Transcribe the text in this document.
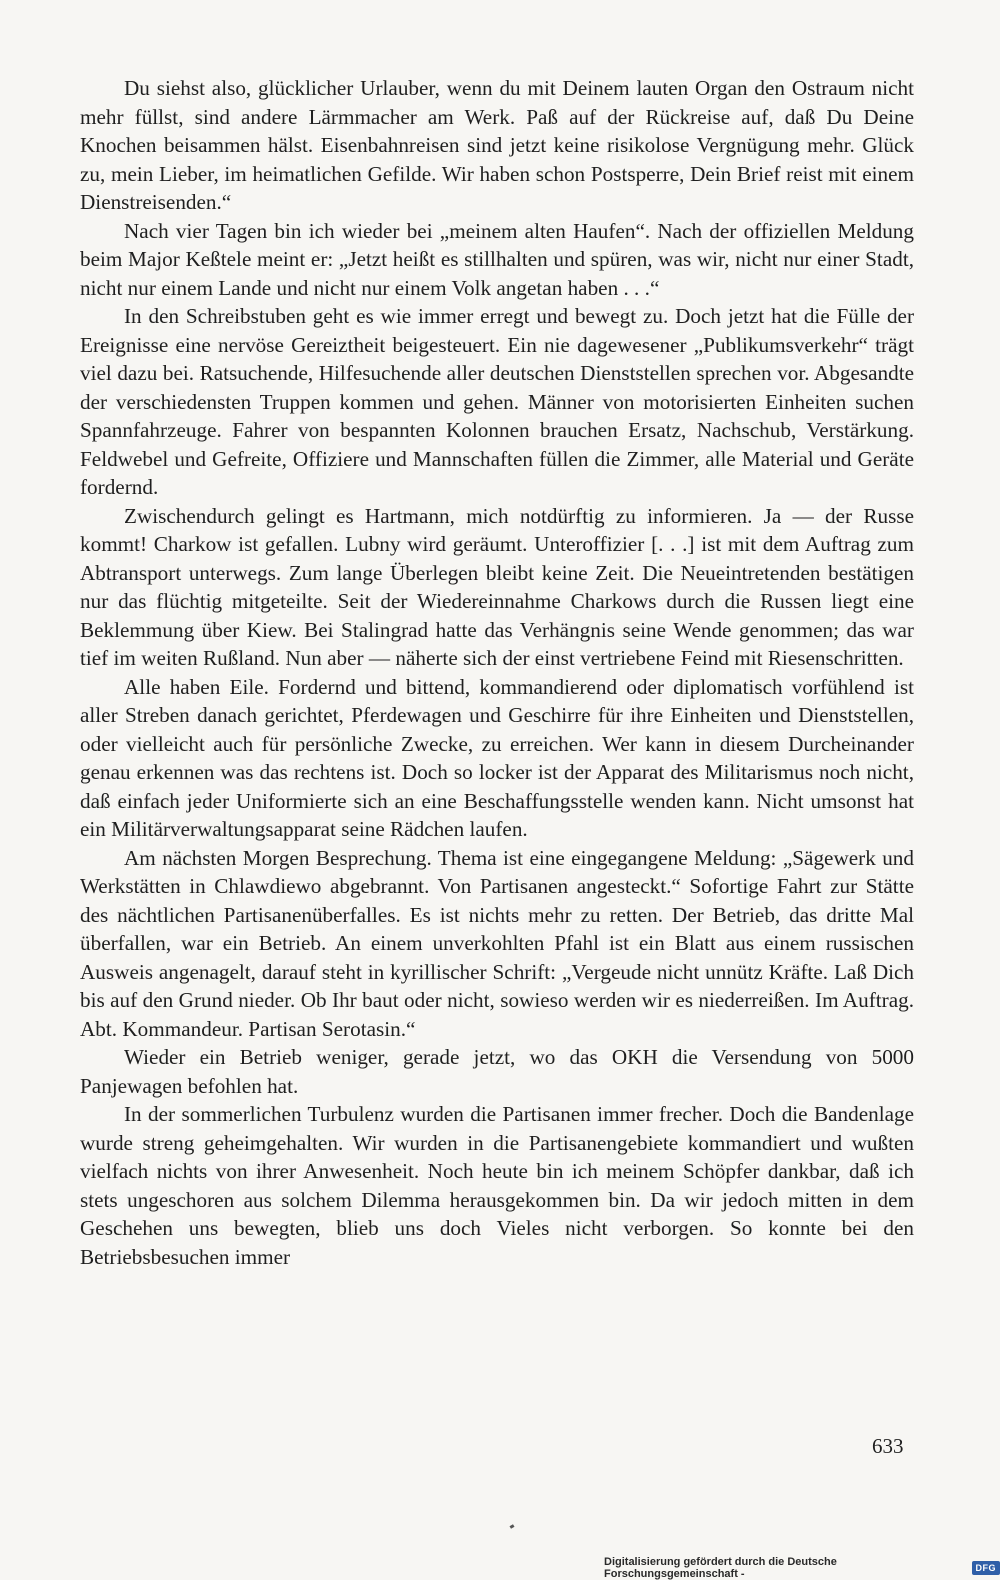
Du siehst also, glücklicher Urlauber, wenn du mit Deinem lauten Organ den Ostraum nicht mehr füllst, sind andere Lärmmacher am Werk. Paß auf der Rückreise auf, daß Du Deine Knochen beisammen hälst. Eisenbahnreisen sind jetzt keine risikolose Vergnügung mehr. Glück zu, mein Lieber, im heimatlichen Gefilde. Wir haben schon Postsperre, Dein Brief reist mit einem Dienstreisenden.“

Nach vier Tagen bin ich wieder bei „meinem alten Haufen“. Nach der offiziellen Meldung beim Major Keßtele meint er: „Jetzt heißt es stillhalten und spüren, was wir, nicht nur einer Stadt, nicht nur einem Lande und nicht nur einem Volk angetan haben . . .“

In den Schreibstuben geht es wie immer erregt und bewegt zu. Doch jetzt hat die Fülle der Ereignisse eine nervöse Gereiztheit beigesteuert. Ein nie dagewesener „Publikumsverkehr“ trägt viel dazu bei. Ratsuchende, Hilfesuchende aller deutschen Dienststellen sprechen vor. Abgesandte der verschiedensten Truppen kommen und gehen. Männer von motorisierten Einheiten suchen Spannfahrzeuge. Fahrer von bespannten Kolonnen brauchen Ersatz, Nachschub, Verstärkung. Feldwebel und Gefreite, Offiziere und Mannschaften füllen die Zimmer, alle Material und Geräte fordernd.

Zwischendurch gelingt es Hartmann, mich notdürftig zu informieren. Ja — der Russe kommt! Charkow ist gefallen. Lubny wird geräumt. Unteroffizier [. . .] ist mit dem Auftrag zum Abtransport unterwegs. Zum lange Überlegen bleibt keine Zeit. Die Neueintretenden bestätigen nur das flüchtig mitgeteilte. Seit der Wiedereinnahme Charkows durch die Russen liegt eine Beklemmung über Kiew. Bei Stalingrad hatte das Verhängnis seine Wende genommen; das war tief im weiten Rußland. Nun aber — näherte sich der einst vertriebene Feind mit Riesenschritten.

Alle haben Eile. Fordernd und bittend, kommandierend oder diplomatisch vorfühlend ist aller Streben danach gerichtet, Pferdewagen und Geschirre für ihre Einheiten und Dienststellen, oder vielleicht auch für persönliche Zwecke, zu erreichen. Wer kann in diesem Durcheinander genau erkennen was das rechtens ist. Doch so locker ist der Apparat des Militarismus noch nicht, daß einfach jeder Uniformierte sich an eine Beschaffungsstelle wenden kann. Nicht umsonst hat ein Militärverwaltungsapparat seine Rädchen laufen.

Am nächsten Morgen Besprechung. Thema ist eine eingegangene Meldung: „Sägewerk und Werkstätten in Chlawdiewo abgebrannt. Von Partisanen angesteckt.“ Sofortige Fahrt zur Stätte des nächtlichen Partisanenüberfalles. Es ist nichts mehr zu retten. Der Betrieb, das dritte Mal überfallen, war ein Betrieb. An einem unverkohlten Pfahl ist ein Blatt aus einem russischen Ausweis angenagelt, darauf steht in kyrillischer Schrift: „Vergeude nicht unnütz Kräfte. Laß Dich bis auf den Grund nieder. Ob Ihr baut oder nicht, sowieso werden wir es niederreißen. Im Auftrag. Abt. Kommandeur. Partisan Serotasin.“

Wieder ein Betrieb weniger, gerade jetzt, wo das OKH die Versendung von 5000 Panjewagen befohlen hat.

In der sommerlichen Turbulenz wurden die Partisanen immer frecher. Doch die Bandenlage wurde streng geheimgehalten. Wir wurden in die Partisanengebiete kommandiert und wußten vielfach nichts von ihrer Anwesenheit. Noch heute bin ich meinem Schöpfer dankbar, daß ich stets ungeschoren aus solchem Dilemma herausgekommen bin. Da wir jedoch mitten in dem Geschehen uns bewegten, blieb uns doch Vieles nicht verborgen. So konnte bei den Betriebsbesuchen immer

633
Digitalisierung gefördert durch die Deutsche Forschungsgemeinschaft -	DFG
